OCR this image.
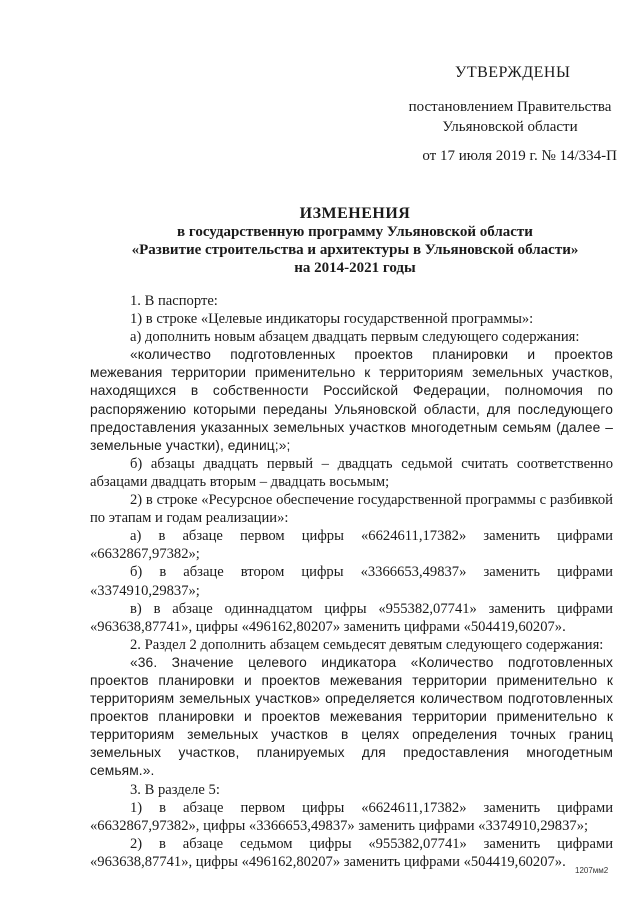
УТВЕРЖДЕНЫ
постановлением Правительства
Ульяновской области
от 17 июля 2019 г. № 14/334-П
ИЗМЕНЕНИЯ
в государственную программу Ульяновской области
«Развитие строительства и архитектуры в Ульяновской области»
на 2014-2021 годы

1. В паспорте:

1) в строке «Целевые индикаторы государственной программы»:

а) дополнить новым абзацем двадцать первым следующего содержания:

«количество подготовленных проектов планировки и проектов межевания территории применительно к территориям земельных участков, находящихся в собственности Российской Федерации, полномочия по распоряжению которыми переданы Ульяновской области, для последующего предоставления указанных земельных участков многодетным семьям (далее – земельные участки), единиц;»;

б) абзацы двадцать первый – двадцать седьмой считать соответственно абзацами двадцать вторым – двадцать восьмым;

2) в строке «Ресурсное обеспечение государственной программы с разбивкой по этапам и годам реализации»:

а) в абзаце первом цифры «6624611,17382» заменить цифрами «6632867,97382»;

б) в абзаце втором цифры «3366653,49837» заменить цифрами «3374910,29837»;

в) в абзаце одиннадцатом цифры «955382,07741» заменить цифрами «963638,87741», цифры «496162,80207» заменить цифрами «504419,60207».

2. Раздел 2 дополнить абзацем семьдесят девятым следующего содержания:

«36. Значение целевого индикатора «Количество подготовленных проектов планировки и проектов межевания территории применительно к территориям земельных участков» определяется количеством подготовленных проектов планировки и проектов межевания территории применительно к территориям земельных участков в целях определения точных границ земельных участков, планируемых для предоставления многодетным семьям.».

3. В разделе 5:

1) в абзаце первом цифры «6624611,17382» заменить цифрами «6632867,97382», цифры «3366653,49837» заменить цифрами «3374910,29837»;

2) в абзаце седьмом цифры «955382,07741» заменить цифрами «963638,87741», цифры «496162,80207» заменить цифрами «504419,60207».

1207мм2
